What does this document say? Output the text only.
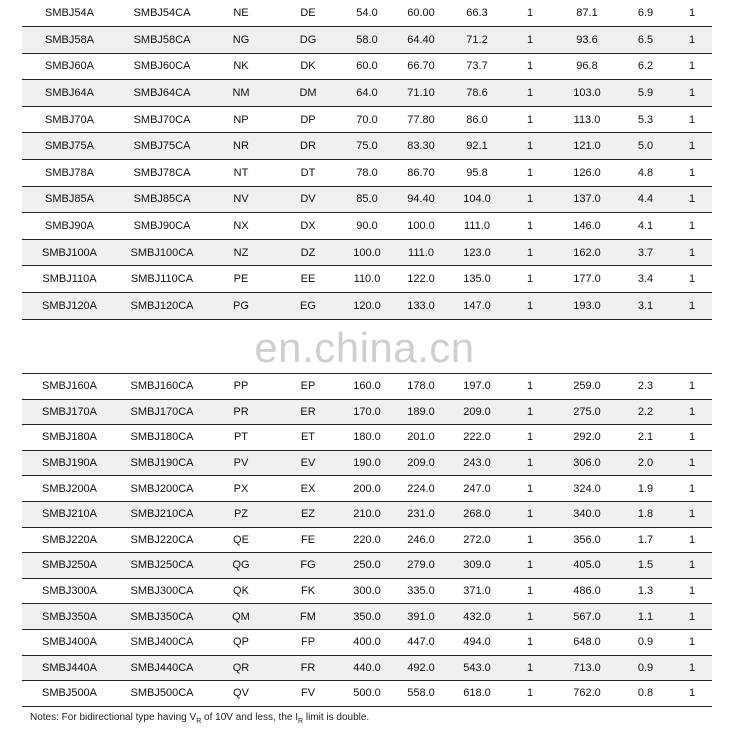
SMBJ54A	SMBJ54CA	NE	DE	54.0	60.00	66.3	1	87.1	6.9	1
SMBJ58A	SMBJ58CA	NG	DG	58.0	64.40	71.2	1	93.6	6.5	1
SMBJ60A	SMBJ60CA	NK	DK	60.0	66.70	73.7	1	96.8	6.2	1
SMBJ64A	SMBJ64CA	NM	DM	64.0	71.10	78.6	1	103.0	5.9	1
SMBJ70A	SMBJ70CA	NP	DP	70.0	77.80	86.0	1	113.0	5.3	1
SMBJ75A	SMBJ75CA	NR	DR	75.0	83.30	92.1	1	121.0	5.0	1
SMBJ78A	SMBJ78CA	NT	DT	78.0	86.70	95.8	1	126.0	4.8	1
SMBJ85A	SMBJ85CA	NV	DV	85.0	94.40	104.0	1	137.0	4.4	1
SMBJ90A	SMBJ90CA	NX	DX	90.0	100.0	111.0	1	146.0	4.1	1
SMBJ100A	SMBJ100CA	NZ	DZ	100.0	111.0	123.0	1	162.0	3.7	1
SMBJ110A	SMBJ110CA	PE	EE	110.0	122.0	135.0	1	177.0	3.4	1
SMBJ120A	SMBJ120CA	PG	EG	120.0	133.0	147.0	1	193.0	3.1	1
en.china.cn
SMBJ160A	SMBJ160CA	PP	EP	160.0	178.0	197.0	1	259.0	2.3	1
SMBJ170A	SMBJ170CA	PR	ER	170.0	189.0	209.0	1	275.0	2.2	1
SMBJ180A	SMBJ180CA	PT	ET	180.0	201.0	222.0	1	292.0	2.1	1
SMBJ190A	SMBJ190CA	PV	EV	190.0	209.0	243.0	1	306.0	2.0	1
SMBJ200A	SMBJ200CA	PX	EX	200.0	224.0	247.0	1	324.0	1.9	1
SMBJ210A	SMBJ210CA	PZ	EZ	210.0	231.0	268.0	1	340.0	1.8	1
SMBJ220A	SMBJ220CA	QE	FE	220.0	246.0	272.0	1	356.0	1.7	1
SMBJ250A	SMBJ250CA	QG	FG	250.0	279.0	309.0	1	405.0	1.5	1
SMBJ300A	SMBJ300CA	QK	FK	300.0	335.0	371.0	1	486.0	1.3	1
SMBJ350A	SMBJ350CA	QM	FM	350.0	391.0	432.0	1	567.0	1.1	1
SMBJ400A	SMBJ400CA	QP	FP	400.0	447.0	494.0	1	648.0	0.9	1
SMBJ440A	SMBJ440CA	QR	FR	440.0	492.0	543.0	1	713.0	0.9	1
SMBJ500A	SMBJ500CA	QV	FV	500.0	558.0	618.0	1	762.0	0.8	1
Notes: For bidirectional type having $V_R$ of 10V and less, the $I_R$ limit is double.
